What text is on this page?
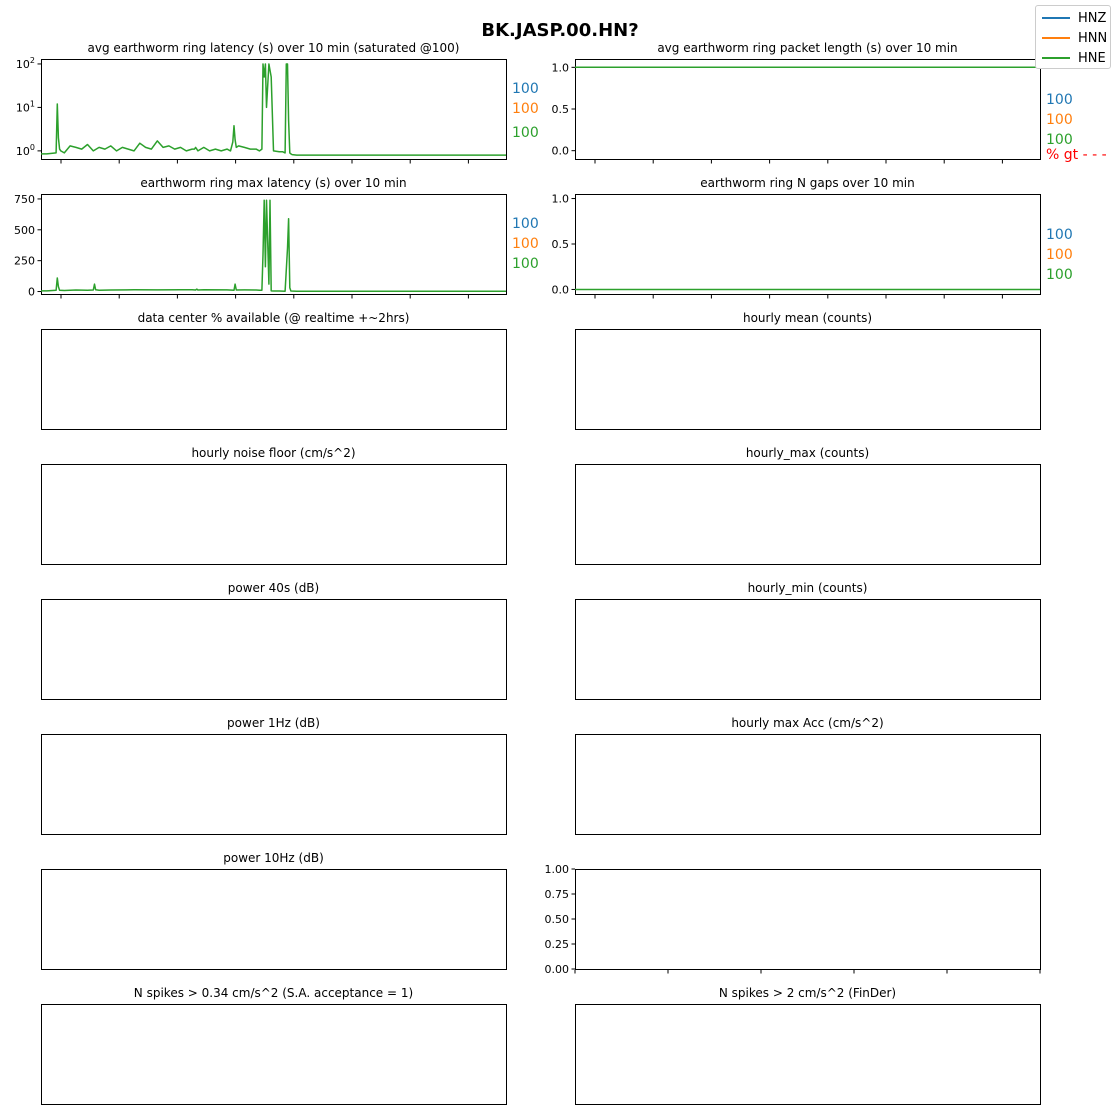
BK.JASP.00.HN?
avg earthworm ring latency (s) over 10 min (saturated @100)
$10^0$
$10^1$
$10^2$
100
100
100
avg earthworm ring packet length (s) over 10 min
0.0
0.5
1.0
100
100
100
% gt - - -
earthworm ring max latency (s) over 10 min
0
250
500
750
100
100
100
earthworm ring N gaps over 10 min
0.0
0.5
1.0
100
100
100
data center % available (@ realtime +~2hrs)	hourly mean (counts)
hourly noise floor (cm/s^2)	hourly_max (counts)
power 40s (dB)	hourly_min (counts)
power 1Hz (dB)	hourly max Acc (cm/s^2)
power 10Hz (dB)
0.00
0.25
0.50
0.75
1.00
N spikes > 0.34 cm/s^2 (S.A. acceptance = 1)	N spikes > 2 cm/s^2 (FinDer)
HNZ
HNN
HNE
